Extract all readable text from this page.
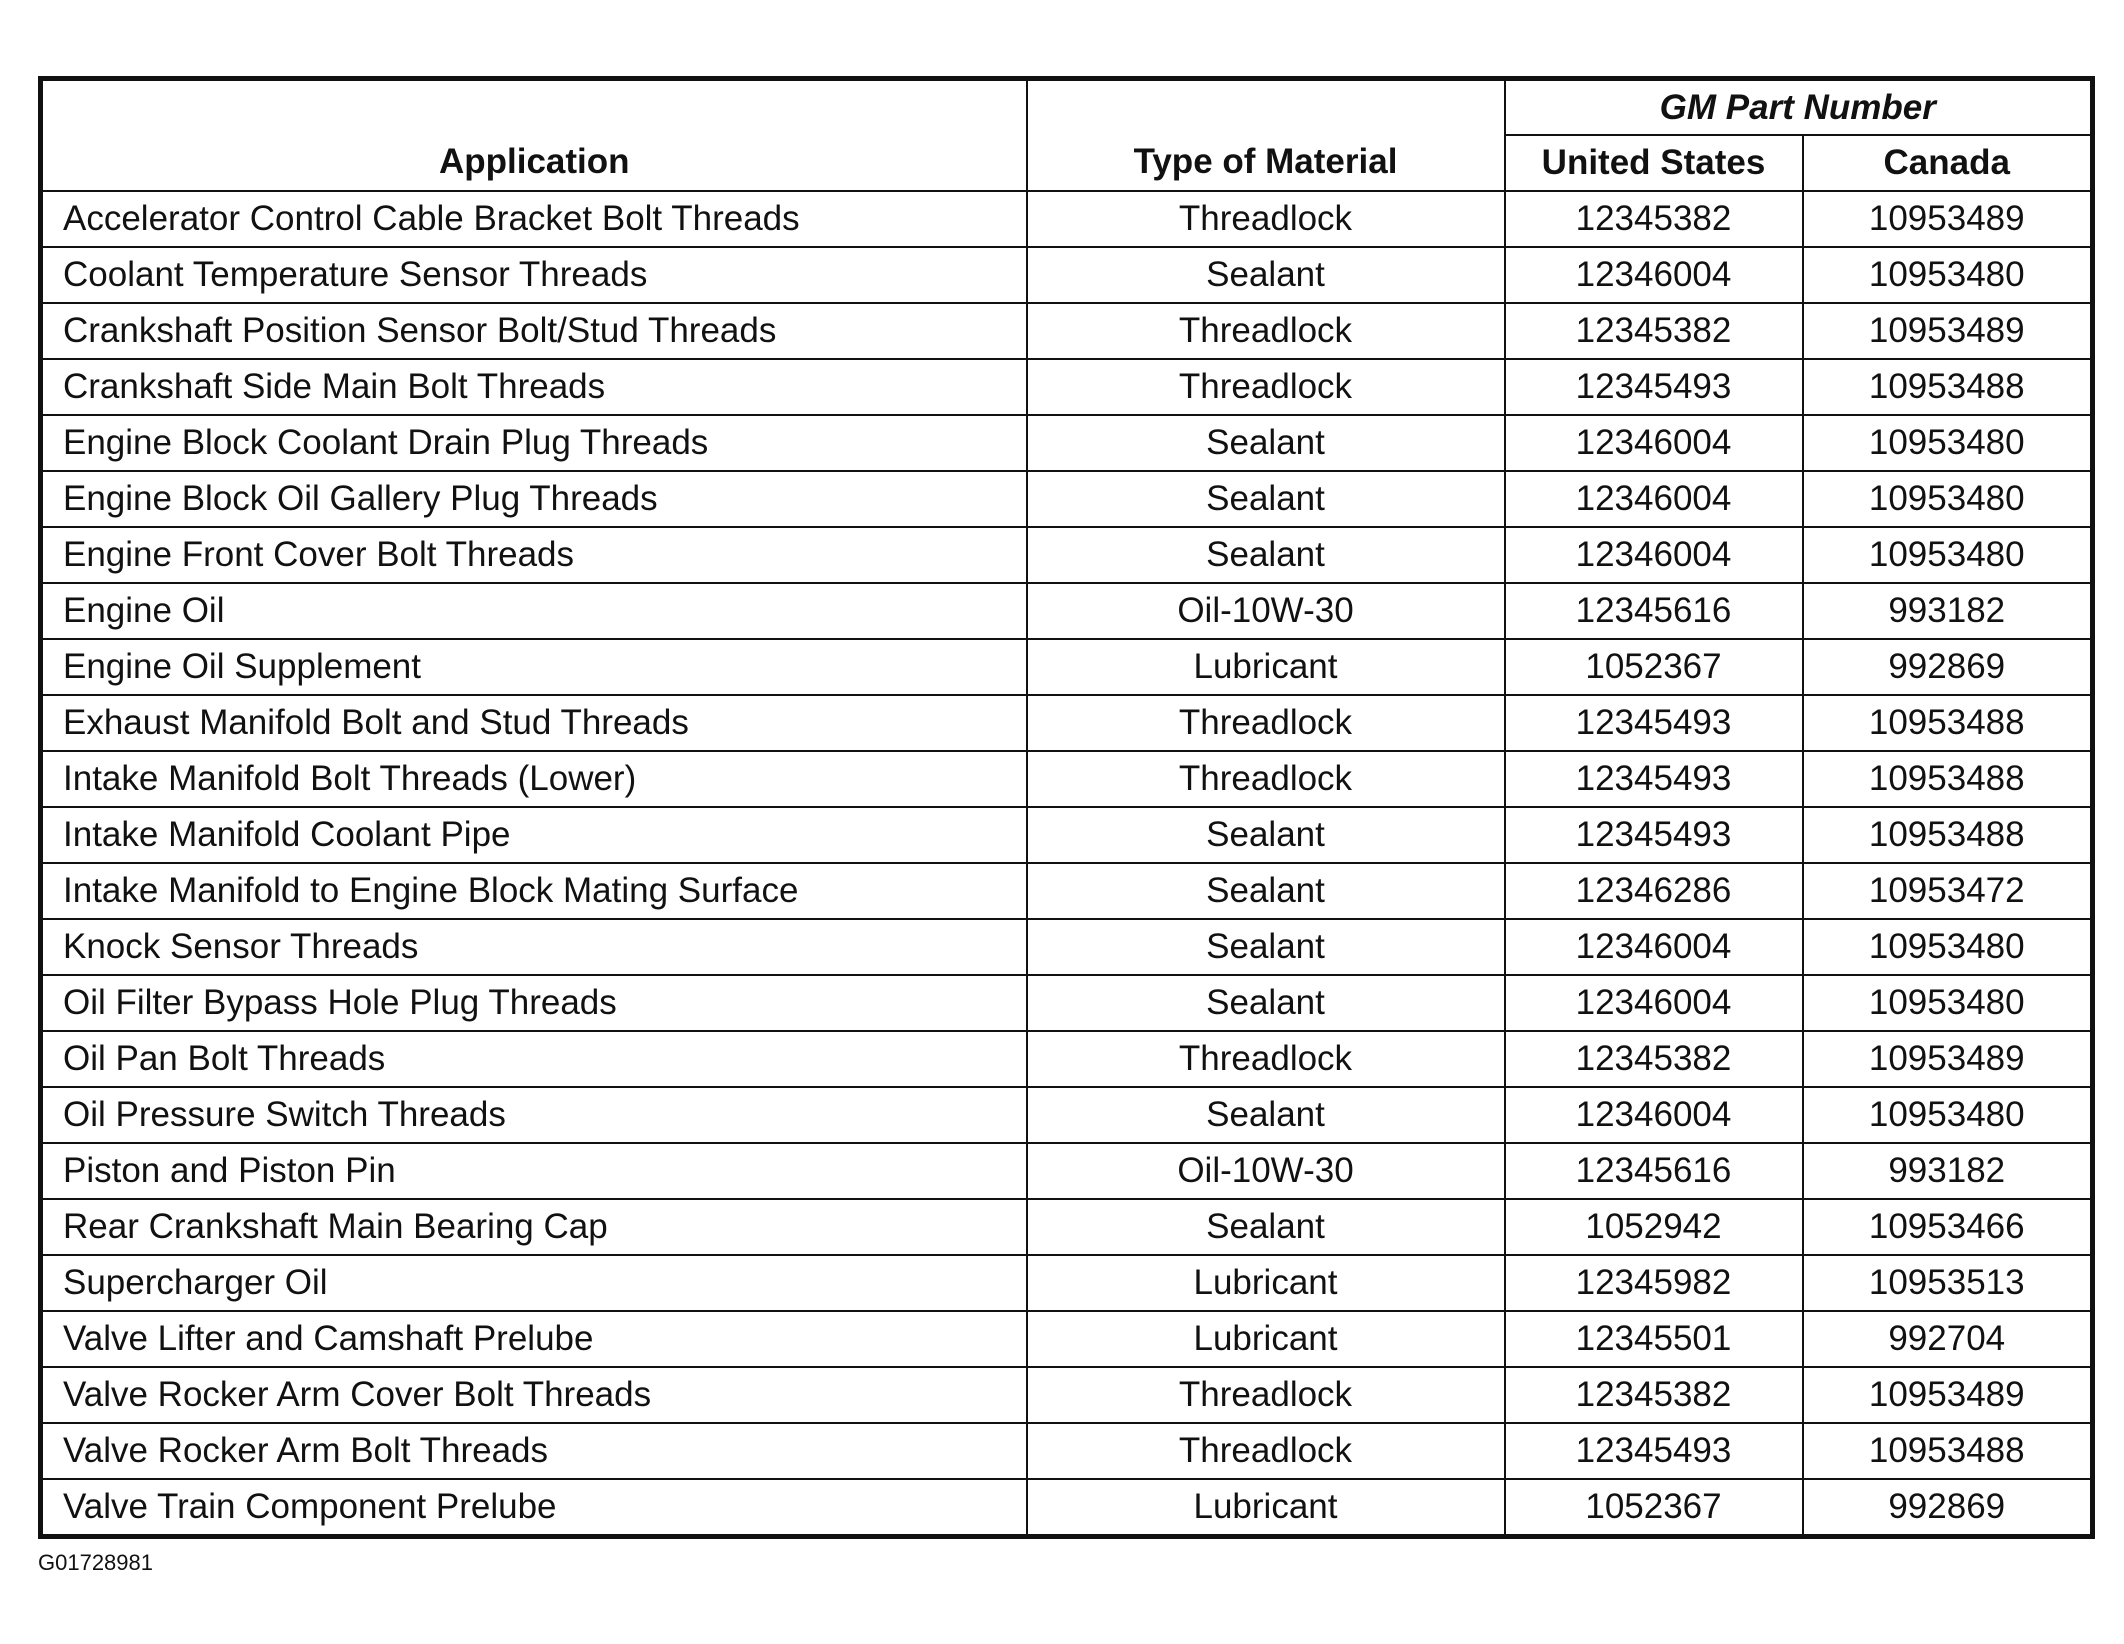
Application	Type of Material	GM Part Number	
		United States	Canada
Accelerator Control Cable Bracket Bolt Threads	Threadlock	12345382	10953489
Coolant Temperature Sensor Threads	Sealant	12346004	10953480
Crankshaft Position Sensor Bolt/Stud Threads	Threadlock	12345382	10953489
Crankshaft Side Main Bolt Threads	Threadlock	12345493	10953488
Engine Block Coolant Drain Plug Threads	Sealant	12346004	10953480
Engine Block Oil Gallery Plug Threads	Sealant	12346004	10953480
Engine Front Cover Bolt Threads	Sealant	12346004	10953480
Engine Oil	Oil-10W-30	12345616	993182
Engine Oil Supplement	Lubricant	1052367	992869
Exhaust Manifold Bolt and Stud Threads	Threadlock	12345493	10953488
Intake Manifold Bolt Threads (Lower)	Threadlock	12345493	10953488
Intake Manifold Coolant Pipe	Sealant	12345493	10953488
Intake Manifold to Engine Block Mating Surface	Sealant	12346286	10953472
Knock Sensor Threads	Sealant	12346004	10953480
Oil Filter Bypass Hole Plug Threads	Sealant	12346004	10953480
Oil Pan Bolt Threads	Threadlock	12345382	10953489
Oil Pressure Switch Threads	Sealant	12346004	10953480
Piston and Piston Pin	Oil-10W-30	12345616	993182
Rear Crankshaft Main Bearing Cap	Sealant	1052942	10953466
Supercharger Oil	Lubricant	12345982	10953513
Valve Lifter and Camshaft Prelube	Lubricant	12345501	992704
Valve Rocker Arm Cover Bolt Threads	Threadlock	12345382	10953489
Valve Rocker Arm Bolt Threads	Threadlock	12345493	10953488
Valve Train Component Prelube	Lubricant	1052367	992869
G01728981
